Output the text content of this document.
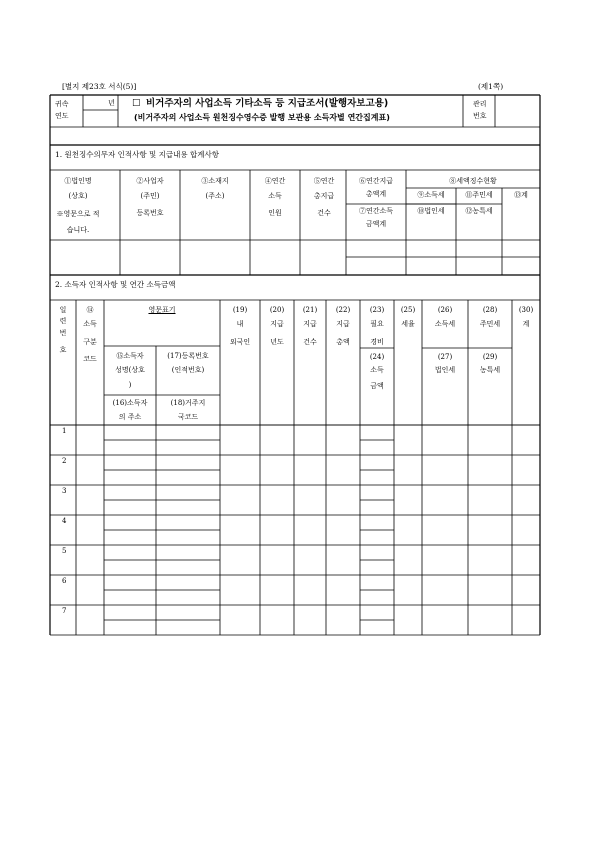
[별지 제23호 서식(5)]	(제1쪽)
귀속
연도
년 ☐ 비거주자의 사업소득 기타소득 등 지급조서(발행자보고용)
(비거주자의 사업소득 원천징수영수증 발행 보관용 소득자별 연간집계표)
관리
번호
1. 원천징수의무자 인적사항 및 지급내용 합계사항
①법인명
(상호)
※영문으로 적
습니다.
②사업자
(주민)
등록번호
③소재지
(주소)
④연간
소득
인원
⑤연간
총지급
건수
⑥연간지급
총액계
⑦연간소득
금액계
⑧세액징수현황
⑨소득세
⑩법인세
⑪주민세
⑫농특세
⑬계
2. 소득자 인적사항 및 연간 소득금액
일
련
번
호
⑭
소득
구분
코드
영문표기
⑮소득자
성명(상호
)
(16)소득자
의 주소
(17)등록번호
(인적번호)
(18)거주지
국코드
(19)
내
외국인
(20)
지급
년도
(21)
지급
건수
(22)
지급
총액
(23)
필요
경비
(24)
소득
금액
(25)
세율
(26)
소득세
(27)
법인세
(28)
주민세
(29)
농특세
(30)
계
1
2
3
4
5
6
7
